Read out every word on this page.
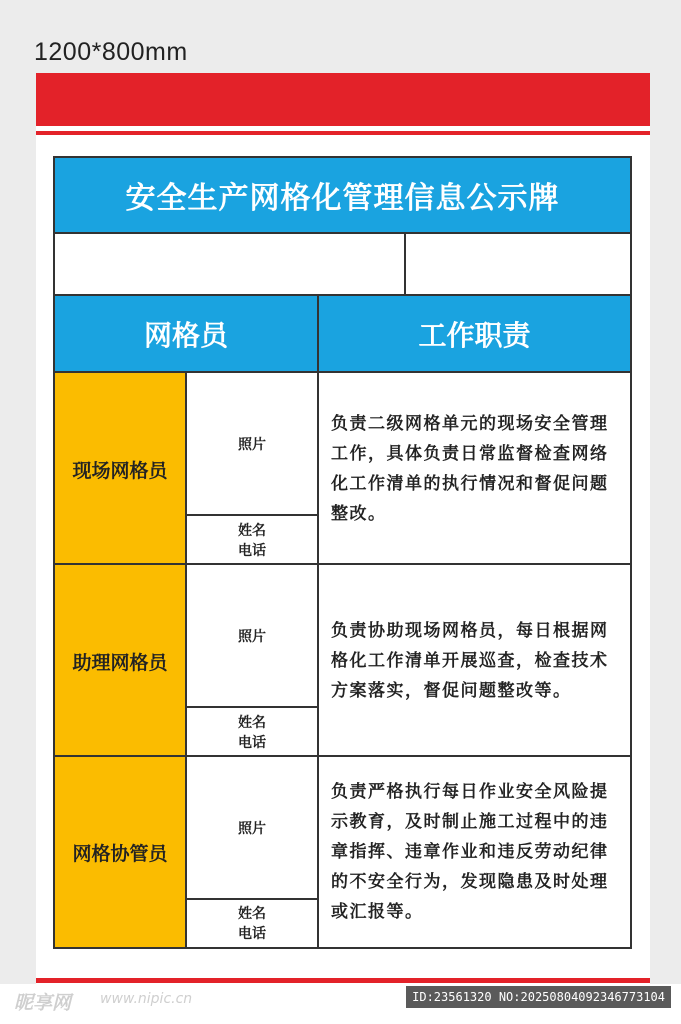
1200*800mm
安全生产网格化管理信息公示牌
网格员	工作职责
现场网格员
照片
姓名
电话
负责二级网格单元的现场安全管理工作，具体负责日常监督检查网络化工作清单的执行情况和督促问题整改。
助理网格员
照片
姓名
电话
负责协助现场网格员，每日根据网格化工作清单开展巡查，检查技术方案落实，督促问题整改等。
网格协管员
照片
姓名
电话
负责严格执行每日作业安全风险提示教育，及时制止施工过程中的违章指挥、违章作业和违反劳动纪律的不安全行为，发现隐患及时处理或汇报等。
昵享网 www.nipic.cn	ID:23561320 NO:20250804092346773104
